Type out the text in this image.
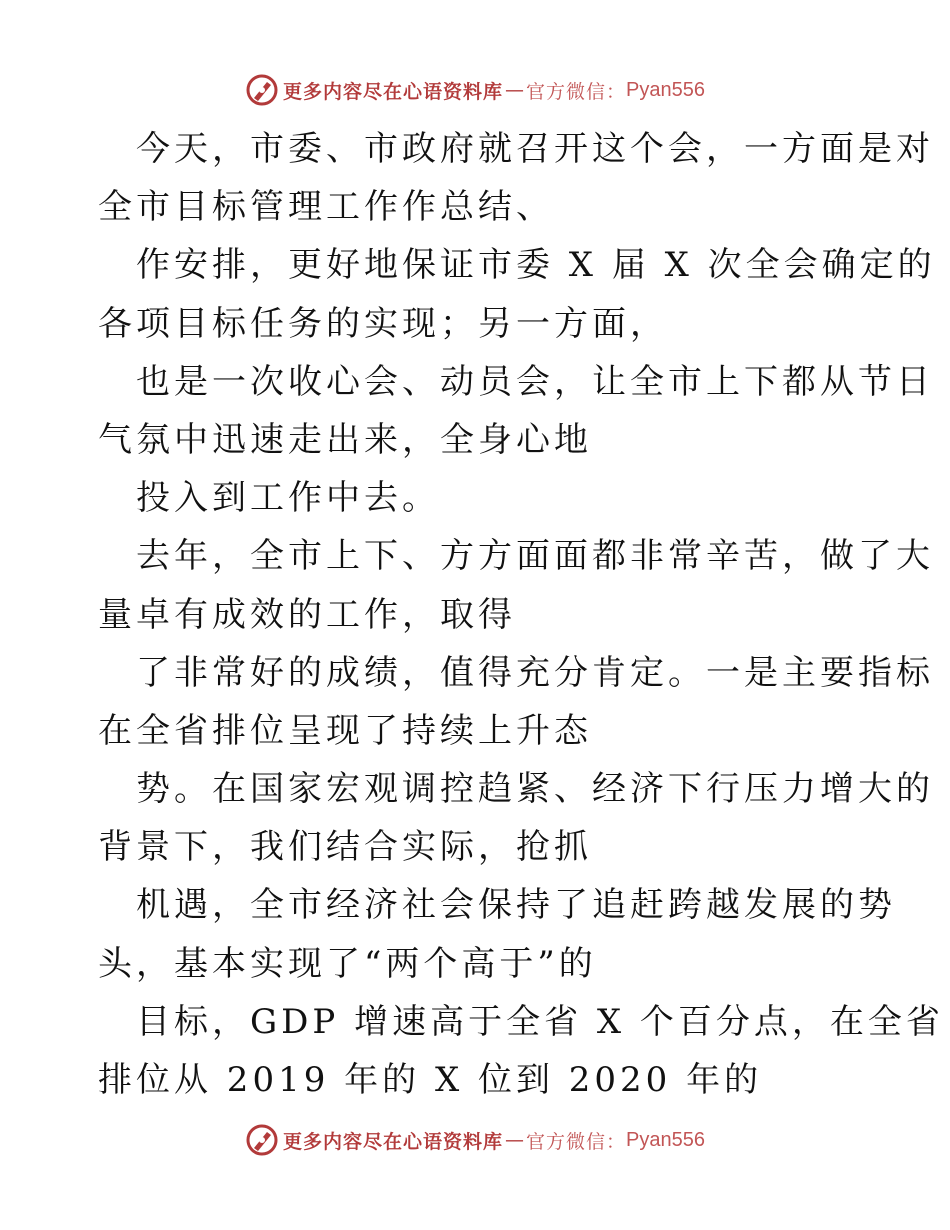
更多内容尽在心语资料库 — 官方微信： Pyan556
今天，市委、市政府就召开这个会，一方面是对
全市目标管理工作作总结、
作安排，更好地保证市委 X 届 X 次全会确定的
各项目标任务的实现；另一方面，
也是一次收心会、动员会，让全市上下都从节日
气氛中迅速走出来，全身心地
投入到工作中去。
去年，全市上下、方方面面都非常辛苦，做了大
量卓有成效的工作，取得
了非常好的成绩，值得充分肯定。一是主要指标
在全省排位呈现了持续上升态
势。在国家宏观调控趋紧、经济下行压力增大的
背景下，我们结合实际，抢抓
机遇，全市经济社会保持了追赶跨越发展的势
头，基本实现了“两个高于”的
目标，GDP 增速高于全省 X 个百分点，在全省
排位从 2019 年的 X 位到 2020 年的
更多内容尽在心语资料库 — 官方微信： Pyan556
